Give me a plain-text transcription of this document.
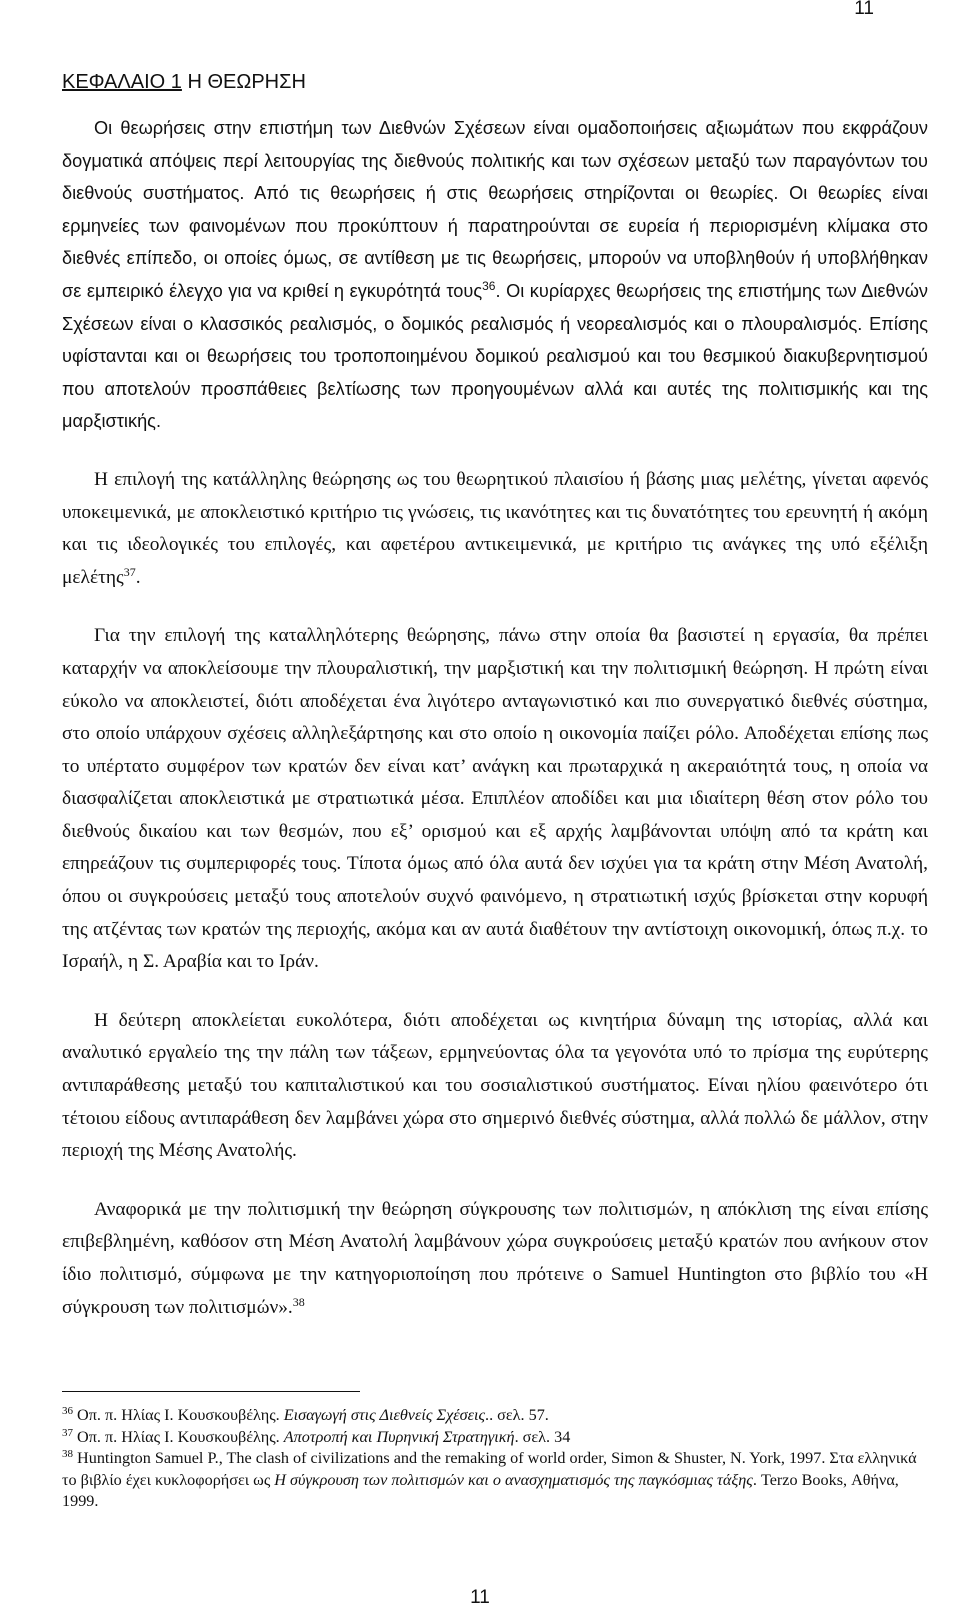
11
ΚΕΦΑΛΑΙΟ 1 Η ΘΕΩΡΗΣΗ

Οι θεωρήσεις στην επιστήμη των Διεθνών Σχέσεων είναι ομαδοποιήσεις αξιωμάτων που εκφράζουν δογματικά απόψεις περί λειτουργίας της διεθνούς πολιτικής και των σχέσεων μεταξύ των παραγόντων του διεθνούς συστήματος. Από τις θεωρήσεις ή στις θεωρήσεις στηρίζονται οι θεωρίες. Οι θεωρίες είναι ερμηνείες των φαινομένων που προκύπτουν ή παρατηρούνται σε ευρεία ή περιορισμένη κλίμακα στο διεθνές επίπεδο, οι οποίες όμως, σε αντίθεση με τις θεωρήσεις, μπορούν να υποβληθούν ή υποβλήθηκαν σε εμπειρικό έλεγχο για να κριθεί η εγκυρότητά τους$^{36}$. Οι κυρίαρχες θεωρήσεις της επιστήμης των Διεθνών Σχέσεων είναι ο κλασσικός ρεαλισμός, ο δομικός ρεαλισμός ή νεορεαλισμός και ο πλουραλισμός. Επίσης υφίστανται και οι θεωρήσεις του τροποποιημένου δομικού ρεαλισμού και του θεσμικού διακυβερνητισμού που αποτελούν προσπάθειες βελτίωσης των προηγουμένων αλλά και αυτές της πολιτισμικής και της μαρξιστικής.

Η επιλογή της κατάλληλης θεώρησης ως του θεωρητικού πλαισίου ή βάσης μιας μελέτης, γίνεται αφενός υποκειμενικά, με αποκλειστικό κριτήριο τις γνώσεις, τις ικανότητες και τις δυνατότητες του ερευνητή ή ακόμη και τις ιδεολογικές του επιλογές, και αφετέρου αντικειμενικά, με κριτήριο τις ανάγκες της υπό εξέλιξη μελέτης$^{37}$.

Για την επιλογή της καταλληλότερης θεώρησης, πάνω στην οποία θα βασιστεί η εργασία, θα πρέπει καταρχήν να αποκλείσουμε την πλουραλιστική, την μαρξιστική και την πολιτισμική θεώρηση. Η πρώτη είναι εύκολο να αποκλειστεί, διότι αποδέχεται ένα λιγότερο ανταγωνιστικό και πιο συνεργατικό διεθνές σύστημα, στο οποίο υπάρχουν σχέσεις αλληλεξάρτησης και στο οποίο η οικονομία παίζει ρόλο. Αποδέχεται επίσης πως το υπέρτατο συμφέρον των κρατών δεν είναι κατ’ ανάγκη και πρωταρχικά η ακεραιότητά τους, η οποία να διασφαλίζεται αποκλειστικά με στρατιωτικά μέσα. Επιπλέον αποδίδει και μια ιδιαίτερη θέση στον ρόλο του διεθνούς δικαίου και των θεσμών, που εξ’ ορισμού και εξ αρχής λαμβάνονται υπόψη από τα κράτη και επηρεάζουν τις συμπεριφορές τους. Τίποτα όμως από όλα αυτά δεν ισχύει για τα κράτη στην Μέση Ανατολή, όπου οι συγκρούσεις μεταξύ τους αποτελούν συχνό φαινόμενο, η στρατιωτική ισχύς βρίσκεται στην κορυφή της ατζέντας των κρατών της περιοχής, ακόμα και αν αυτά διαθέτουν την αντίστοιχη οικονομική, όπως π.χ. το Ισραήλ, η Σ. Αραβία και το Ιράν.

Η δεύτερη αποκλείεται ευκολότερα, διότι αποδέχεται ως κινητήρια δύναμη της ιστορίας, αλλά και αναλυτικό εργαλείο της την πάλη των τάξεων, ερμηνεύοντας όλα τα γεγονότα υπό το πρίσμα της ευρύτερης αντιπαράθεσης μεταξύ του καπιταλιστικού και του σοσιαλιστικού συστήματος. Είναι ηλίου φαεινότερο ότι τέτοιου είδους αντιπαράθεση δεν λαμβάνει χώρα στο σημερινό διεθνές σύστημα, αλλά πολλώ δε μάλλον, στην περιοχή της Μέσης Ανατολής.

Αναφορικά με την πολιτισμική την θεώρηση σύγκρουσης των πολιτισμών, η απόκλιση της είναι επίσης επιβεβλημένη, καθόσον στη Μέση Ανατολή λαμβάνουν χώρα συγκρούσεις μεταξύ κρατών που ανήκουν στον ίδιο πολιτισμό, σύμφωνα με την κατηγοριοποίηση που πρότεινε ο Samuel Huntington στο βιβλίο του «Η σύγκρουση των πολιτισμών».$^{38}$

$^{36}$ Οπ. π. Ηλίας Ι. Κουσκουβέλης. Εισαγωγή στις Διεθνείς Σχέσεις.. σελ. 57.

$^{37}$ Οπ. π. Ηλίας Ι. Κουσκουβέλης. Αποτροπή και Πυρηνική Στρατηγική. σελ. 34

$^{38}$ Huntington Samuel P., The clash of civilizations and the remaking of world order, Simon & Shuster, N. York, 1997. Στα ελληνικά το βιβλίο έχει κυκλοφορήσει ως Η σύγκρουση των πολιτισμών και ο ανασχηματισμός της παγκόσμιας τάξης. Terzo Books, Αθήνα, 1999.

11
